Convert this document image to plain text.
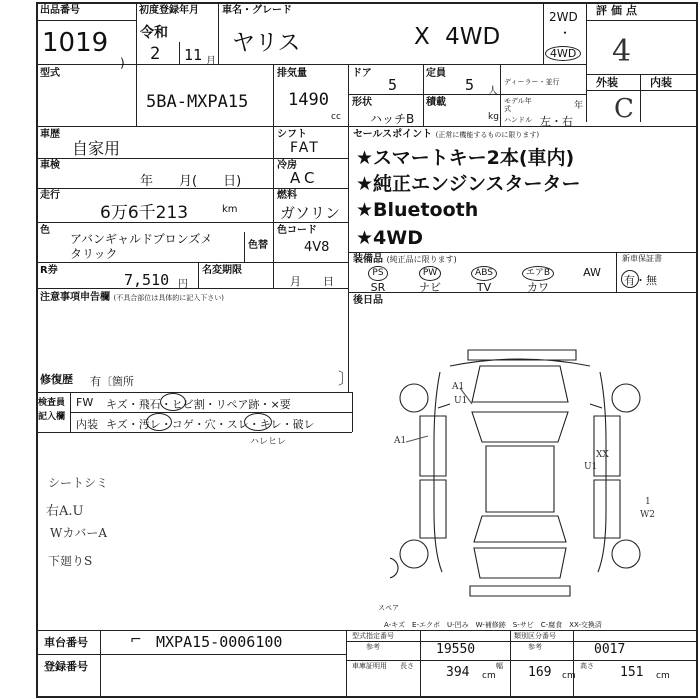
出品番号
1019
)
初度登録年月
令和
2 11 月
車名・グレード
ヤリス	X 4WD
2WD
・
4WD
評価点
4
外装	内装
C
型式
5BA-MXPA15
排気量
1490
cc
ドア
5
定員
5 人
ディーラー・並行
形状
ハッチB
積載
kg
モデル年式	年
ハンドル 左・右
車歴
自家用
シフト
FAT
車検
年　　月(　　日)
冷房
AC
走行
6万6千213	km
燃料
ガソリン
色
アバンギャルドブロンズメ
タリック
色替
色コード
4V8
R券
7,510 円
名変期限
月　　日
注意事項申告欄 (不具合部位は具体的に記入下さい)
修復歴 有〔箇所	〕
セールスポイント (正常に機能するものに限ります)
★スマートキー2本(車内)
★純正エンジンスターター
★Bluetooth
★4WD
装備品 (純正品に限ります)
PS
SR
PW
ナビ
ABS
TV
エアB
カワ
AW
新車保証書
有・無
後日品
検査員
記入欄
FW キズ・飛石・ヒビ割・リペア跡・×要
内装 キズ・汚レ・コゲ・穴・スレ・キレ・破レ
ハレヒレ
シートシミ
右A.U
WカバーA
下廻りS
スペア
A1
U1
A1
XX
U1
W2
1
A-キズ　E-エクボ　U-凹み　W-補修跡　S-サビ　C-腐食　XX-交換済
車台番号	⌐ MXPA15-0006100
登録番号
型式指定番号
19550
参考
類別区分番号
参考	0017
車庫証明用 長さ 394 cm
幅 169 cm
高さ 151 cm
